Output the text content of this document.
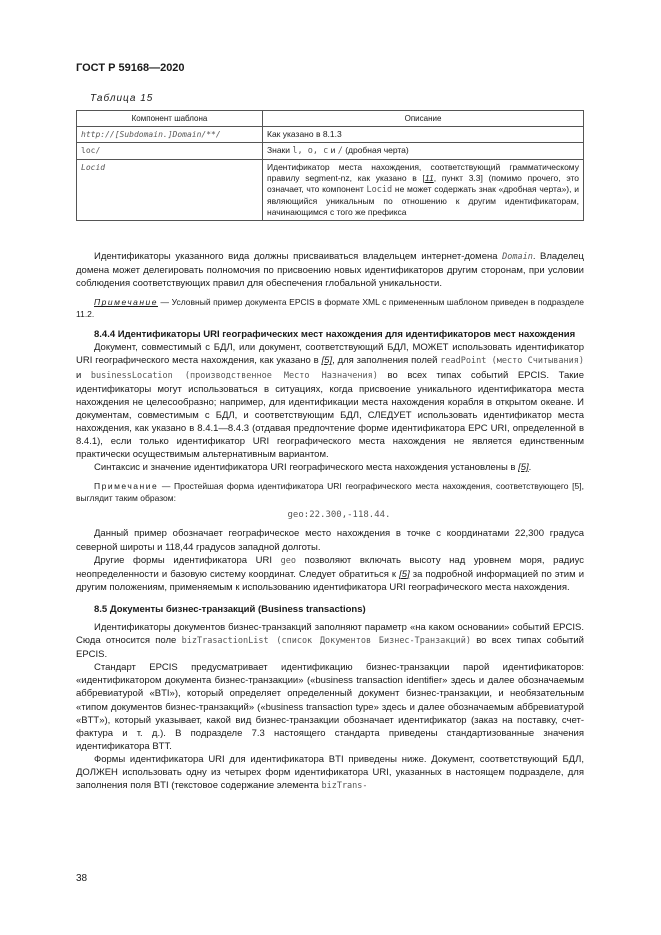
ГОСТ Р 59168—2020
Таблица 15
Компонент шаблона	Описание
http://[Subdomain.]Domain/**/	Как указано в 8.1.3
loc/	Знаки l, o, c и / (дробная черта)
Locid	Идентификатор места нахождения, соответствующий грамматическому правилу segment-nz, как указано в [11, пункт 3.3] (помимо прочего, это означает, что компонент Locid не может содержать знак «дробная черта»), и являющийся уникальным по отношению к другим идентификаторам, начинающимся с того же префикса

Идентификаторы указанного вида должны присваиваться владельцем интернет-домена Domain. Владелец домена может делегировать полномочия по присвоению новых идентификаторов другим сторонам, при условии соблюдения соответствующих правил для обеспечения глобальной уникальности.

Примечание — Условный пример документа EPCIS в формате XML с примененным шаблоном приведен в подразделе 11.2.

8.4.4 Идентификаторы URI географических мест нахождения для идентификаторов мест нахождения

Документ, совместимый с БДЛ, или документ, соответствующий БДЛ, МОЖЕТ использовать идентификатор URI географического места нахождения, как указано в [5], для заполнения полей readPoint (место Считывания) и businessLocation (производственное Место Назначения) во всех типах событий EPCIS. Такие идентификаторы могут использоваться в ситуациях, когда присвоение уникального идентификатора места нахождения не целесообразно; например, для идентификации места нахождения корабля в открытом океане. И документам, совместимым с БДЛ, и соответствующим БДЛ, СЛЕДУЕТ использовать идентификатор места нахождения, как указано в 8.4.1—8.4.3 (отдавая предпочтение форме идентификатора EPC URI, определенной в 8.4.1), если только идентификатор URI географического места нахождения не является единственным практически осуществимым альтернативным вариантом.

Синтаксис и значение идентификатора URI географического места нахождения установлены в [5].

Примечание — Простейшая форма идентификатора URI географического места нахождения, соответствующего [5], выглядит таким образом:

geo:22.300,-118.44.

Данный пример обозначает географическое место нахождения в точке с координатами 22,300 градуса северной широты и 118,44 градусов западной долготы.

Другие формы идентификатора URI geo позволяют включать высоту над уровнем моря, радиус неопределенности и базовую систему координат. Следует обратиться к [5] за подробной информацией по этим и другим положениям, применяемым к использованию идентификатора URI географического места нахождения.

8.5 Документы бизнес-транзакций (Business transactions)

Идентификаторы документов бизнес-транзакций заполняют параметр «на каком основании» событий EPCIS. Сюда относится поле bizTrasactionList (список Документов Бизнес-Транзакций) во всех типах событий EPCIS.

Стандарт EPCIS предусматривает идентификацию бизнес-транзакции парой идентификаторов: «идентификатором документа бизнес-транзакции» («business transaction identifier» здесь и далее обозначаемым аббревиатурой «BTI»), который определяет определенный документ бизнес-транзакции, и необязательным «типом документов бизнес-транзакций» («business transaction type» здесь и далее обозначаемым аббревиатурой «BTT»), который указывает, какой вид бизнес-транзакции обозначает идентификатор (заказ на поставку, счет-фактура и т. д.). В подразделе 7.3 настоящего стандарта приведены стандартизованные значения идентификатора BTT.

Формы идентификатора URI для идентификатора BTI приведены ниже. Документ, соответствующий БДЛ, ДОЛЖЕН использовать одну из четырех форм идентификатора URI, указанных в настоящем подразделе, для заполнения поля BTI (текстовое содержание элемента bizTrans-

38
